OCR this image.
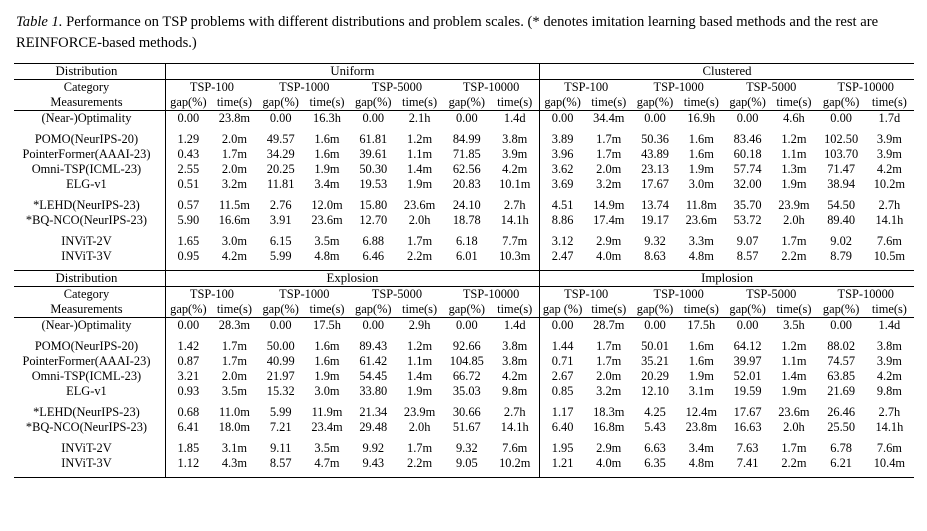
Table 1. Performance on TSP problems with different distributions and problem scales. (* denotes imitation learning based methods and the rest are REINFORCE-based methods.)
Distribution	Uniform								Clustered							
Category	TSP-100		TSP-1000		TSP-5000		TSP-10000		TSP-100		TSP-1000		TSP-5000		TSP-10000	
Measurements	gap(%)	time(s)	gap(%)	time(s)	gap(%)	time(s)	gap(%)	time(s)	gap(%)	time(s)	gap(%)	time(s)	gap(%)	time(s)	gap(%)	time(s)
(Near-)Optimality	0.00	23.8m	0.00	16.3h	0.00	2.1h	0.00	1.4d	0.00	34.4m	0.00	16.9h	0.00	4.6h	0.00	1.7d

POMO(NeurIPS-20)	1.29	2.0m	49.57	1.6m	61.81	1.2m	84.99	3.8m	3.89	1.7m	50.36	1.6m	83.46	1.2m	102.50	3.9m
PointerFormer(AAAI-23)	0.43	1.7m	34.29	1.6m	39.61	1.1m	71.85	3.9m	3.96	1.7m	43.89	1.6m	60.18	1.1m	103.70	3.9m
Omni-TSP(ICML-23)	2.55	2.0m	20.25	1.9m	50.30	1.4m	62.56	4.2m	3.62	2.0m	23.13	1.9m	57.74	1.3m	71.47	4.2m
ELG-v1	0.51	3.2m	11.81	3.4m	19.53	1.9m	20.83	10.1m	3.69	3.2m	17.67	3.0m	32.00	1.9m	38.94	10.2m

*LEHD(NeurIPS-23)	0.57	11.5m	2.76	12.0m	15.80	23.6m	24.10	2.7h	4.51	14.9m	13.74	11.8m	35.70	23.9m	54.50	2.7h
*BQ-NCO(NeurIPS-23)	5.90	16.6m	3.91	23.6m	12.70	2.0h	18.78	14.1h	8.86	17.4m	19.17	23.6m	53.72	2.0h	89.40	14.1h

INViT-2V	1.65	3.0m	6.15	3.5m	6.88	1.7m	6.18	7.7m	3.12	2.9m	9.32	3.3m	9.07	1.7m	9.02	7.6m
INViT-3V	0.95	4.2m	5.99	4.8m	6.46	2.2m	6.01	10.3m	2.47	4.0m	8.63	4.8m	8.57	2.2m	8.79	10.5m

Distribution	Explosion								Implosion							
Category	TSP-100		TSP-1000		TSP-5000		TSP-10000		TSP-100		TSP-1000		TSP-5000		TSP-10000	
Measurements	gap(%)	time(s)	gap(%)	time(s)	gap(%)	time(s)	gap(%)	time(s)	gap (%)	time(s)	gap(%)	time(s)	gap(%)	time(s)	gap(%)	time(s)
(Near-)Optimality	0.00	28.3m	0.00	17.5h	0.00	2.9h	0.00	1.4d	0.00	28.7m	0.00	17.5h	0.00	3.5h	0.00	1.4d

POMO(NeurIPS-20)	1.42	1.7m	50.00	1.6m	89.43	1.2m	92.66	3.8m	1.44	1.7m	50.01	1.6m	64.12	1.2m	88.02	3.8m
PointerFormer(AAAI-23)	0.87	1.7m	40.99	1.6m	61.42	1.1m	104.85	3.8m	0.71	1.7m	35.21	1.6m	39.97	1.1m	74.57	3.9m
Omni-TSP(ICML-23)	3.21	2.0m	21.97	1.9m	54.45	1.4m	66.72	4.2m	2.67	2.0m	20.29	1.9m	52.01	1.4m	63.85	4.2m
ELG-v1	0.93	3.5m	15.32	3.0m	33.80	1.9m	35.03	9.8m	0.85	3.2m	12.10	3.1m	19.59	1.9m	21.69	9.8m

*LEHD(NeurIPS-23)	0.68	11.0m	5.99	11.9m	21.34	23.9m	30.66	2.7h	1.17	18.3m	4.25	12.4m	17.67	23.6m	26.46	2.7h
*BQ-NCO(NeurIPS-23)	6.41	18.0m	7.21	23.4m	29.48	2.0h	51.67	14.1h	6.40	16.8m	5.43	23.8m	16.63	2.0h	25.50	14.1h

INViT-2V	1.85	3.1m	9.11	3.5m	9.92	1.7m	9.32	7.6m	1.95	2.9m	6.63	3.4m	7.63	1.7m	6.78	7.6m
INViT-3V	1.12	4.3m	8.57	4.7m	9.43	2.2m	9.05	10.2m	1.21	4.0m	6.35	4.8m	7.41	2.2m	6.21	10.4m
